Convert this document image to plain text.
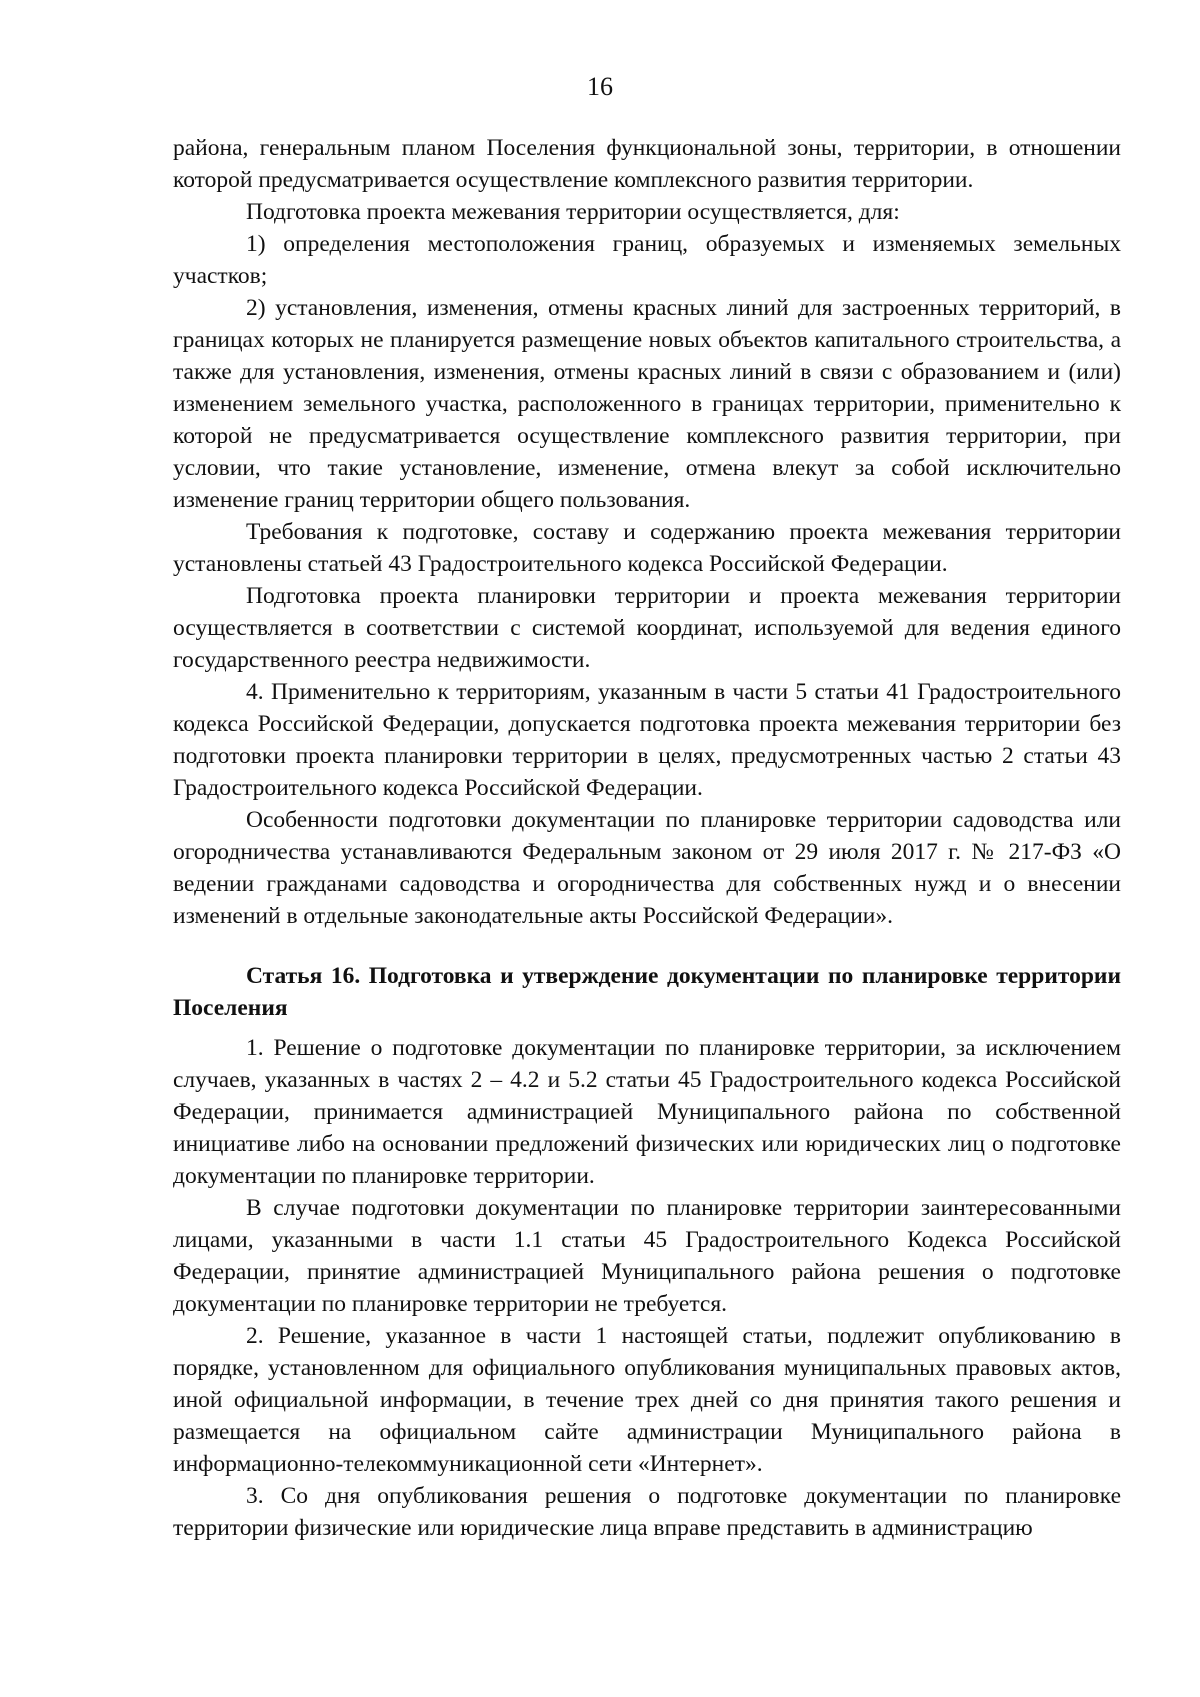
16

района, генеральным планом Поселения функциональной зоны, территории, в отношении которой предусматривается осуществление комплексного развития территории.

Подготовка проекта межевания территории осуществляется, для:

1) определения местоположения границ, образуемых и изменяемых земельных участков;

2) установления, изменения, отмены красных линий для застроенных территорий, в границах которых не планируется размещение новых объектов капитального строительства, а также для установления, изменения, отмены красных линий в связи с образованием и (или) изменением земельного участка, расположенного в границах территории, применительно к которой не предусматривается осуществление комплексного развития территории, при условии, что такие установление, изменение, отмена влекут за собой исключительно изменение границ территории общего пользования.

Требования к подготовке, составу и содержанию проекта межевания территории установлены статьей 43 Градостроительного кодекса Российской Федерации.

Подготовка проекта планировки территории и проекта межевания территории осуществляется в соответствии с системой координат, используемой для ведения единого государственного реестра недвижимости.

4. Применительно к территориям, указанным в части 5 статьи 41 Градостроительного кодекса Российской Федерации, допускается подготовка проекта межевания территории без подготовки проекта планировки территории в целях, предусмотренных частью 2 статьи 43 Градостроительного кодекса Российской Федерации.

Особенности подготовки документации по планировке территории садоводства или огородничества устанавливаются Федеральным законом от 29 июля 2017 г. № 217-ФЗ «О ведении гражданами садоводства и огородничества для собственных нужд и о внесении изменений в отдельные законодательные акты Российской Федерации».

Статья 16. Подготовка и утверждение документации по планировке территории Поселения

1. Решение о подготовке документации по планировке территории, за исключением случаев, указанных в частях 2 – 4.2 и 5.2 статьи 45 Градостроительного кодекса Российской Федерации, принимается администрацией Муниципального района по собственной инициативе либо на основании предложений физических или юридических лиц о подготовке документации по планировке территории.

В случае подготовки документации по планировке территории заинтересованными лицами, указанными в части 1.1 статьи 45 Градостроительного Кодекса Российской Федерации, принятие администрацией Муниципального района решения о подготовке документации по планировке территории не требуется.

2. Решение, указанное в части 1 настоящей статьи, подлежит опубликованию в порядке, установленном для официального опубликования муниципальных правовых актов, иной официальной информации, в течение трех дней со дня принятия такого решения и размещается на официальном сайте администрации Муниципального района в информационно-телекоммуникационной сети «Интернет».

3. Со дня опубликования решения о подготовке документации по планировке территории физические или юридические лица вправе представить в администрацию
